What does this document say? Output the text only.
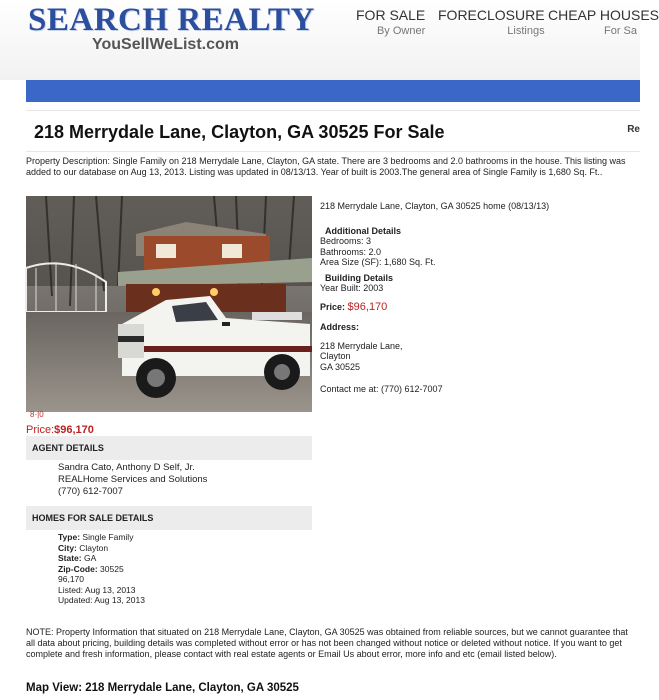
SEARCH REALTY
YouSellWeList.com
FOR SALE
By Owner
FORECLOSURE
Listings
CHEAP HOUSES
For Sa
218 Merrydale Lane, Clayton, GA 30525 For Sale	Re
Property Description: Single Family on 218 Merrydale Lane, Clayton, GA state. There are 3 bedrooms and 2.0 bathrooms in the house. This listing was added to our database on Aug 13, 2013. Listing was updated in 08/13/13. Year of built is 2003.The general area of Single Family is 1,680 Sq. Ft..
8·|0
Price:$96,170
AGENT DETAILS
Sandra Cato, Anthony D Self, Jr.
REALHome Services and Solutions
(770) 612-7007
HOMES FOR SALE DETAILS
Type: Single Family
City: Clayton
State: GA
Zip-Code: 30525
96,170
Listed: Aug 13, 2013
Updated: Aug 13, 2013
218 Merrydale Lane, Clayton, GA 30525 home (08/13/13)
Additional Details
Bedrooms: 3
Bathrooms: 2.0
Area Size (SF): 1,680 Sq. Ft.
Building Details
Year Built: 2003
Price: $96,170
Address:
218 Merrydale Lane,
Clayton
GA 30525
Contact me at: (770) 612-7007
NOTE: Property Information that situated on 218 Merrydale Lane, Clayton, GA 30525 was obtained from reliable sources, but we cannot guarantee that all data about pricing, building details was completed without error or has not been changed without notice or deleted without notice. If you want to get complete and fresh information, please contact with real estate agents or Email Us about error, more info and etc (email listed below).
Map View: 218 Merrydale Lane, Clayton, GA 30525
